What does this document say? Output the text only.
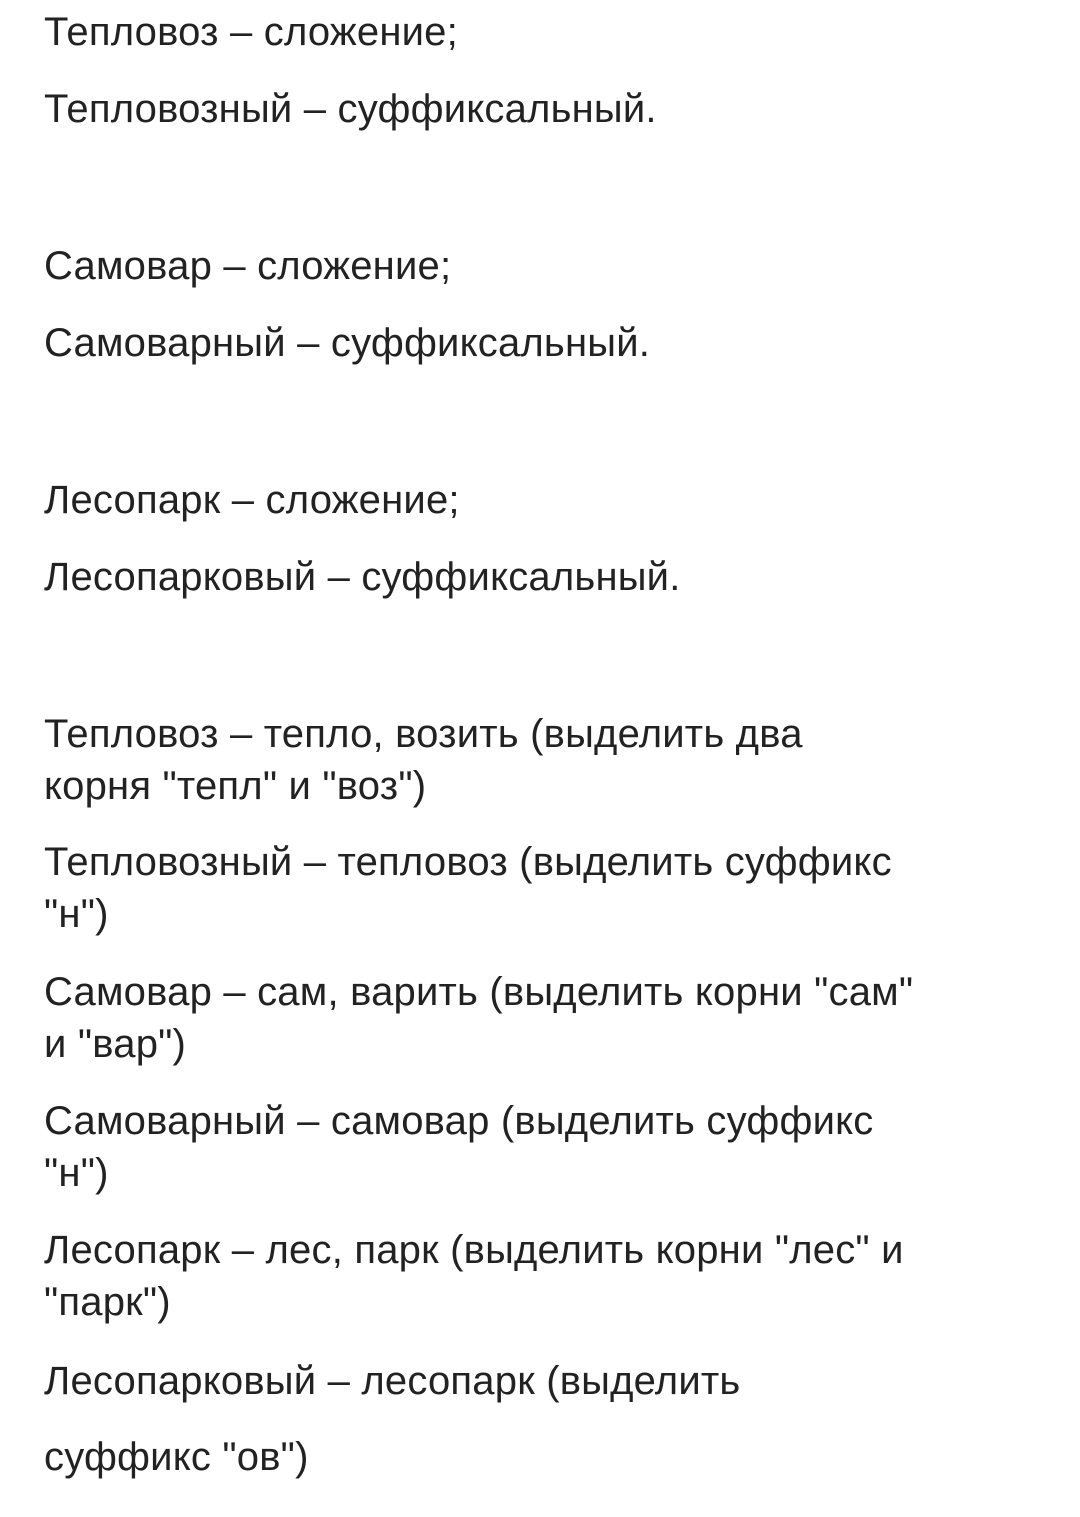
Тепловоз – сложение;

Тепловозный – суффиксальный.

Самовар – сложение;

Самоварный – суффиксальный.

Лесопарк – сложение;

Лесопарковый – суффиксальный.

Тепловоз – тепло, возить (выделить два

корня "тепл" и "воз")

Тепловозный – тепловоз (выделить суффикс

"н")

Самовар – сам, варить (выделить корни "сам"

и "вар")

Самоварный – самовар (выделить суффикс

"н")

Лесопарк – лес, парк (выделить корни "лес" и

"парк")

Лесопарковый – лесопарк (выделить

суффикс "ов")
